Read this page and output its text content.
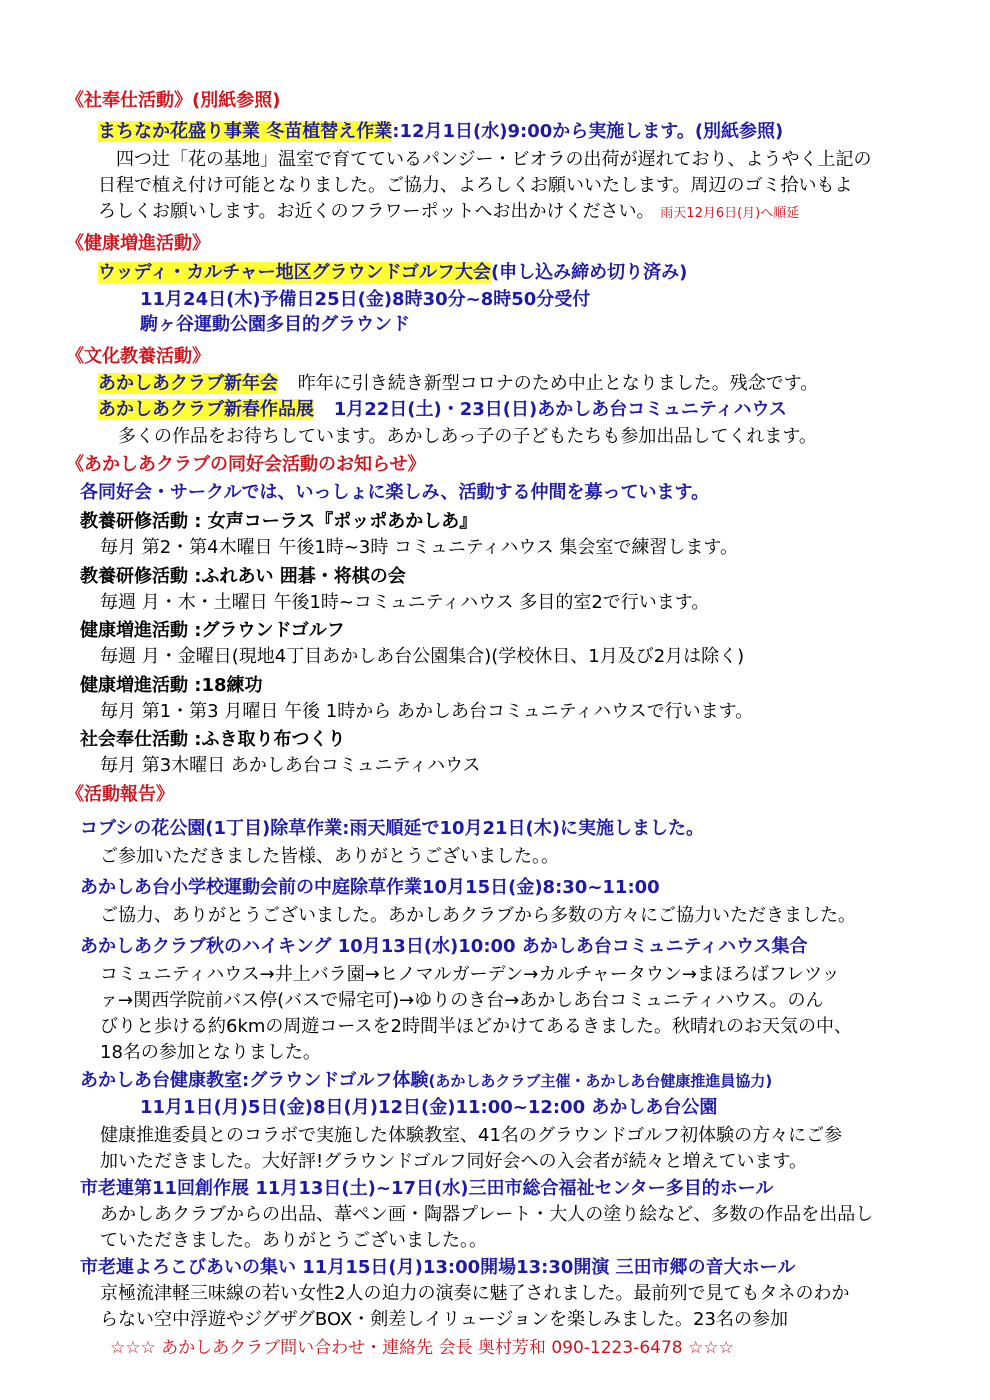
《社奉仕活動》(別紙参照)
まちなか花盛り事業 冬苗植替え作業:12月1日(水)9:00から実施します。(別紙参照)
四つ辻「花の基地」温室で育てているパンジー・ビオラの出荷が遅れており、ようやく上記の
日程で植え付け可能となりました。ご協力、よろしくお願いいたします。周辺のゴミ拾いもよ
ろしくお願いします。お近くのフラワーポットへお出かけください。 雨天12月6日(月)へ順延
《健康増進活動》
ウッディ・カルチャー地区グラウンドゴルフ大会(申し込み締め切り済み)
11月24日(木)予備日25日(金)8時30分~8時50分受付
駒ヶ谷運動公園多目的グラウンド
《文化教養活動》
あかしあクラブ新年会 昨年に引き続き新型コロナのため中止となりました。残念です。
あかしあクラブ新春作品展 1月22日(土)・23日(日)あかしあ台コミュニティハウス
多くの作品をお待ちしています。あかしあっ子の子どもたちも参加出品してくれます。
《あかしあクラブの同好会活動のお知らせ》
各同好会・サークルでは、いっしょに楽しみ、活動する仲間を募っています。
教養研修活動 : 女声コーラス『ポッポあかしあ』
毎月 第2・第4木曜日 午後1時~3時 コミュニティハウス 集会室で練習します。
教養研修活動 :ふれあい 囲碁・将棋の会
毎週 月・木・土曜日 午後1時~コミュニティハウス 多目的室2で行います。
健康増進活動 :グラウンドゴルフ
毎週 月・金曜日(現地4丁目あかしあ台公園集合)(学校休日、1月及び2月は除く)
健康増進活動 :18練功
毎月 第1・第3 月曜日 午後 1時から あかしあ台コミュニティハウスで行います。
社会奉仕活動 :ふき取り布つくり
毎月 第3木曜日 あかしあ台コミュニティハウス
《活動報告》
コブシの花公園(1丁目)除草作業:雨天順延で10月21日(木)に実施しました。
ご参加いただきました皆様、ありがとうございました。。
あかしあ台小学校運動会前の中庭除草作業10月15日(金)8:30~11:00
ご協力、ありがとうございました。あかしあクラブから多数の方々にご協力いただきました。
あかしあクラブ秋のハイキング 10月13日(水)10:00 あかしあ台コミュニティハウス集合
コミュニティハウス→井上バラ園→ヒノマルガーデン→カルチャータウン→まほろばフレツッ
ァ→関西学院前バス停(バスで帰宅可)→ゆりのき台→あかしあ台コミュニティハウス。のん
びりと歩ける約6kmの周遊コースを2時間半ほどかけてあるきました。秋晴れのお天気の中、
18名の参加となりました。
あかしあ台健康教室:グラウンドゴルフ体験(あかしあクラブ主催・あかしあ台健康推進員協力)
11月1日(月)5日(金)8日(月)12日(金)11:00~12:00 あかしあ台公園
健康推進委員とのコラボで実施した体験教室、41名のグラウンドゴルフ初体験の方々にご参
加いただきました。大好評!グラウンドゴルフ同好会への入会者が続々と増えています。
市老連第11回創作展 11月13日(土)~17日(水)三田市総合福祉センター多目的ホール
あかしあクラブからの出品、葦ペン画・陶器プレート・大人の塗り絵など、多数の作品を出品し
ていただきました。ありがとうございました。。
市老連よろこびあいの集い 11月15日(月)13:00開場13:30開演 三田市郷の音大ホール
京極流津軽三味線の若い女性2人の迫力の演奏に魅了されました。最前列で見てもタネのわか
らない空中浮遊やジグザグBOX・剣差しイリュージョンを楽しみました。23名の参加
☆☆☆ あかしあクラブ問い合わせ・連絡先 会長 奥村芳和 090-1223-6478 ☆☆☆
